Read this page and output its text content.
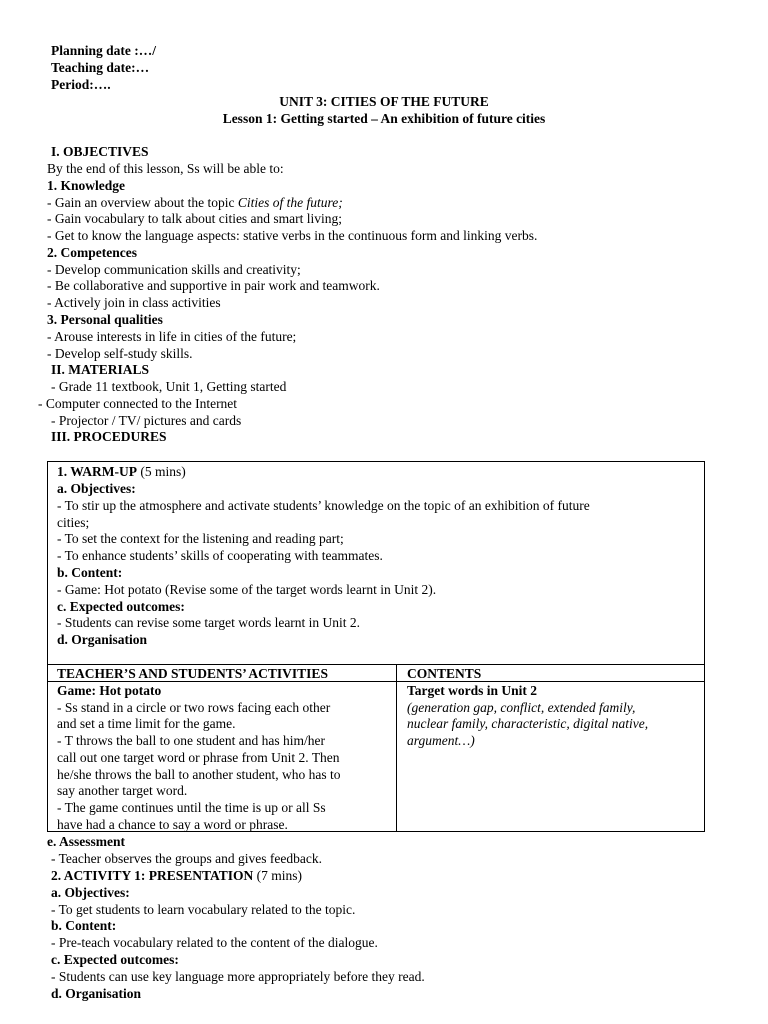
Planning date :…/
Teaching date:…
Period:….
UNIT 3: CITIES OF THE FUTURE
Lesson 1: Getting started – An exhibition of future cities
I. OBJECTIVES
By the end of this lesson, Ss will be able to:
1. Knowledge
- Gain an overview about the topic Cities of the future;
- Gain vocabulary to talk about cities and smart living;
- Get to know the language aspects: stative verbs in the continuous form and linking verbs.
2. Competences
- Develop communication skills and creativity;
- Be collaborative and supportive in pair work and teamwork.
- Actively join in class activities
3. Personal qualities
- Arouse interests in life in cities of the future;
- Develop self-study skills.
II. MATERIALS
- Grade 11 textbook, Unit 1, Getting started
- Computer connected to the Internet
- Projector / TV/ pictures and cards
III. PROCEDURES
1. WARM-UP (5 mins)
a. Objectives:
- To stir up the atmosphere and activate students’ knowledge on the topic of an exhibition of future
cities;
- To set the context for the listening and reading part;
- To enhance students’ skills of cooperating with teammates.
b. Content:
- Game: Hot potato (Revise some of the target words learnt in Unit 2).
c. Expected outcomes:
- Students can revise some target words learnt in Unit 2.
d. Organisation
TEACHER’S AND STUDENTS’ ACTIVITIES	CONTENTS
Game: Hot potato
- Ss stand in a circle or two rows facing each other
and set a time limit for the game.
- T throws the ball to one student and has him/her
call out one target word or phrase from Unit 2. Then
he/she throws the ball to another student, who has to
say another target word.
- The game continues until the time is up or all Ss
have had a chance to say a word or phrase.
Target words in Unit 2
(generation gap, conflict, extended family,
nuclear family, characteristic, digital native,
argument…)
e. Assessment
- Teacher observes the groups and gives feedback.
2. ACTIVITY 1: PRESENTATION (7 mins)
a. Objectives:
- To get students to learn vocabulary related to the topic.
b. Content:
- Pre-teach vocabulary related to the content of the dialogue.
c. Expected outcomes:
- Students can use key language more appropriately before they read.
d. Organisation
